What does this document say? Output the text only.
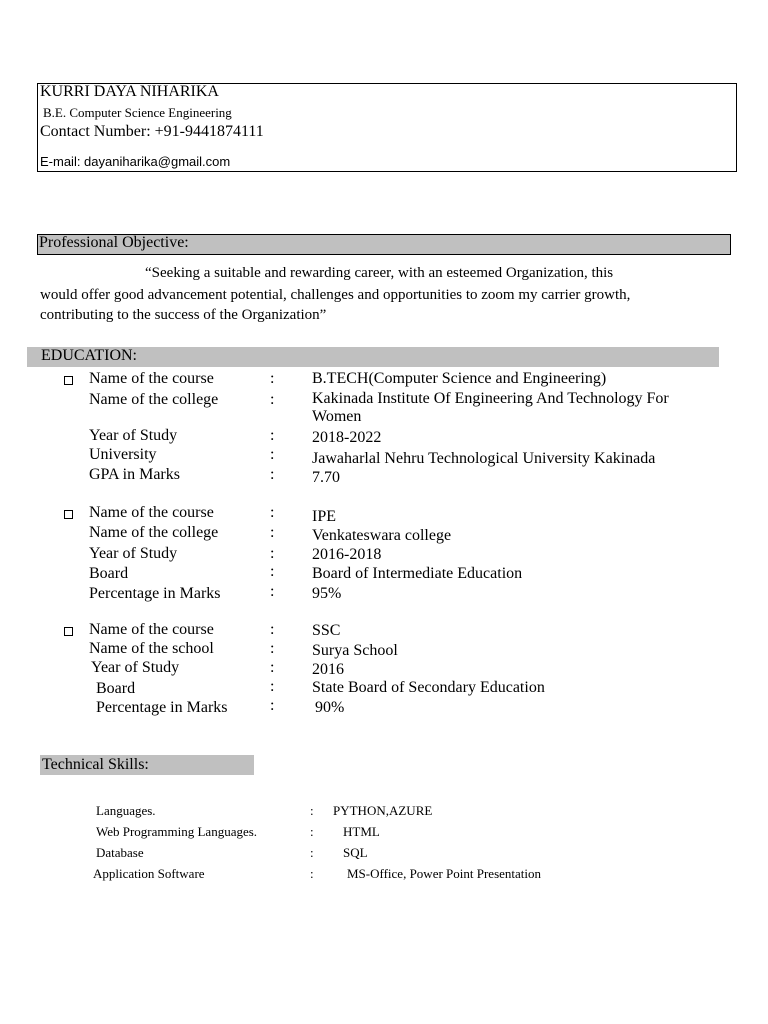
KURRI DAYA NIHARIKA
B.E. Computer Science Engineering
Contact Number: +91-9441874111
E-mail: dayaniharika@gmail.com
Professional Objective:
“Seeking a suitable and rewarding career, with an esteemed Organization, this
would offer good advancement potential, challenges and opportunities to zoom my carrier growth,
contributing to the success of the Organization”
EDUCATION:
Name of the course	: B.TECH(Computer Science and Engineering)
Name of the college	: Kakinada Institute Of Engineering And Technology For
Women
Year of Study	: 2018-2022
University	: Jawaharlal Nehru Technological University Kakinada
GPA in Marks	: 7.70
Name of the course	: IPE
Name of the college	: Venkateswara college
Year of Study	: 2016-2018
Board	: Board of Intermediate Education
Percentage in Marks	: 95%
Name of the course	: SSC
Name of the school	: Surya School
Year of Study	: 2016
Board	: State Board of Secondary Education
Percentage in Marks	:	90%
Technical Skills:
Languages.	: PYTHON,AZURE
Web Programming Languages.	: HTML
Database	: SQL
Application Software	:	MS-Office, Power Point Presentation
